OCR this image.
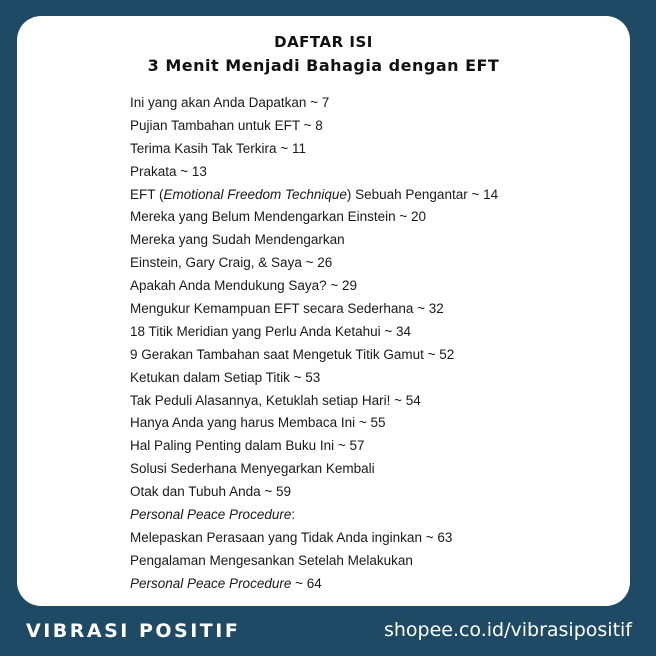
DAFTAR ISI
3 Menit Menjadi Bahagia dengan EFT
Ini yang akan Anda Dapatkan ~ 7
Pujian Tambahan untuk EFT ~ 8
Terima Kasih Tak Terkira ~ 11
Prakata ~ 13
EFT (Emotional Freedom Technique) Sebuah Pengantar ~ 14
Mereka yang Belum Mendengarkan Einstein ~ 20
Mereka yang Sudah Mendengarkan
Einstein, Gary Craig, & Saya ~ 26
Apakah Anda Mendukung Saya? ~ 29
Mengukur Kemampuan EFT secara Sederhana ~ 32
18 Titik Meridian yang Perlu Anda Ketahui ~ 34
9 Gerakan Tambahan saat Mengetuk Titik Gamut ~ 52
Ketukan dalam Setiap Titik ~ 53
Tak Peduli Alasannya, Ketuklah setiap Hari! ~ 54
Hanya Anda yang harus Membaca Ini ~ 55
Hal Paling Penting dalam Buku Ini ~ 57
Solusi Sederhana Menyegarkan Kembali
Otak dan Tubuh Anda ~ 59
Personal Peace Procedure:
Melepaskan Perasaan yang Tidak Anda inginkan ~ 63
Pengalaman Mengesankan Setelah Melakukan
Personal Peace Procedure ~ 64
VIBRASI POSITIF	shopee.co.id/vibrasipositif
